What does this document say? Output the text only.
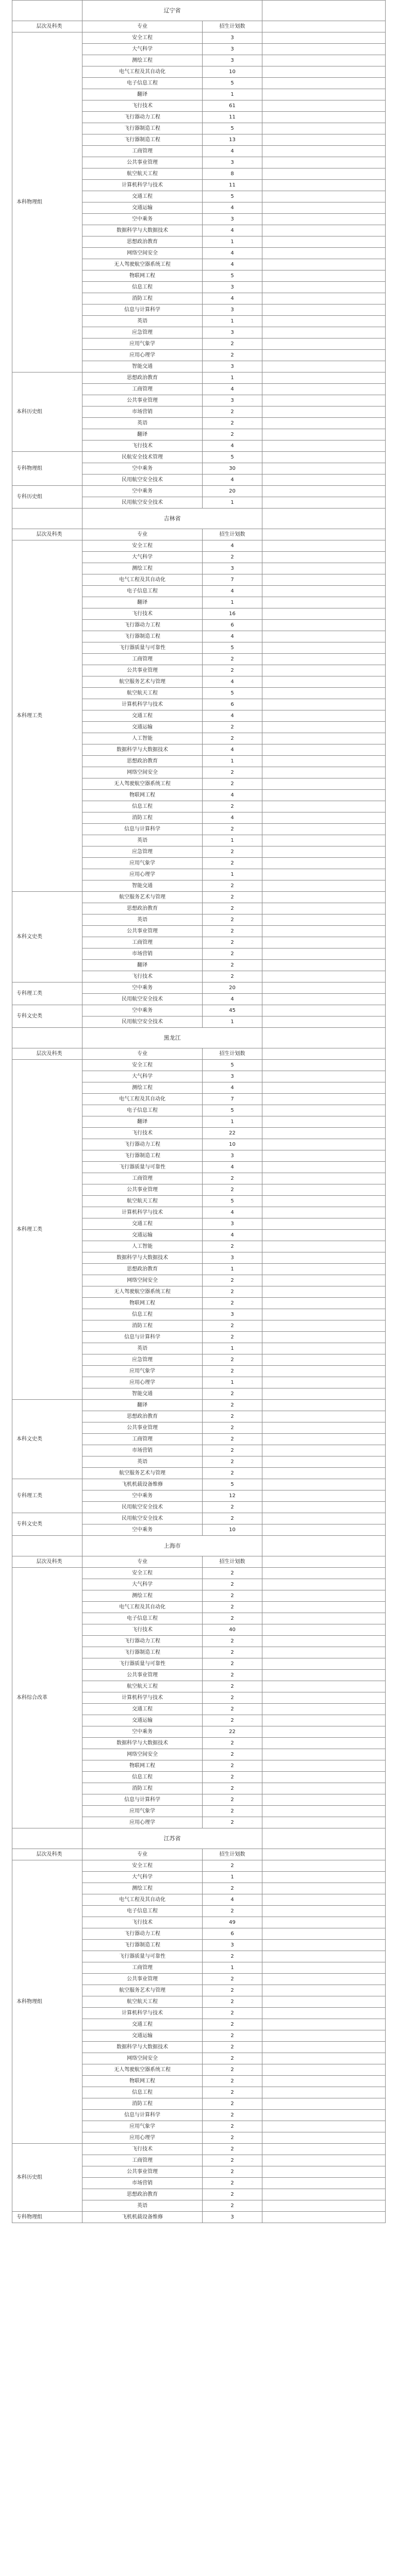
	辽宁省		
层次及科类	专业	招生计划数	
本科物理组	安全工程	3	
	大气科学	3	
	测绘工程	3	
	电气工程及其自动化	10	
	电子信息工程	5	
	翻译	1	
	飞行技术	61	
	飞行器动力工程	11	
	飞行器制造工程	5	
	飞行器制造工程	13	
	工商管理	4	
	公共事业管理	3	
	航空航天工程	8	
	计算机科学与技术	11	
	交通工程	5	
	交通运输	4	
	空中乘务	3	
	数据科学与大数据技术	4	
	思想政治教育	1	
	网络空间安全	4	
	无人驾驶航空器系统工程	4	
	物联网工程	5	
	信息工程	3	
	消防工程	4	
	信息与计算科学	3	
	英语	1	
	应急管理	3	
	应用气象学	2	
	应用心理学	2	
	智能交通	3	
本科历史组	思想政治教育	1	
	工商管理	4	
	公共事业管理	3	
	市场营销	2	
	英语	2	
	翻译	2	
	飞行技术	4	
专科物理组	民航安全技术管理	5	
	空中乘务	30	
	民用航空安全技术	4	
专科历史组	空中乘务	20	
	民用航空安全技术	1	
	吉林省		
层次及科类	专业	招生计划数	
本科理工类	安全工程	4	
	大气科学	2	
	测绘工程	3	
	电气工程及其自动化	7	
	电子信息工程	4	
	翻译	1	
	飞行技术	16	
	飞行器动力工程	6	
	飞行器制造工程	4	
	飞行器质量与可靠性	5	
	工商管理	2	
	公共事业管理	2	
	航空服务艺术与管理	4	
	航空航天工程	5	
	计算机科学与技术	6	
	交通工程	4	
	交通运输	2	
	人工智能	2	
	数据科学与大数据技术	4	
	思想政治教育	1	
	网络空间安全	2	
	无人驾驶航空器系统工程	2	
	物联网工程	4	
	信息工程	2	
	消防工程	4	
	信息与计算科学	2	
	英语	1	
	应急管理	2	
	应用气象学	2	
	应用心理学	1	
	智能交通	2	
本科文史类	航空服务艺术与管理	2	
	思想政治教育	2	
	英语	2	
	公共事业管理	2	
	工商管理	2	
	市场营销	2	
	翻译	2	
	飞行技术	2	
专科理工类	空中乘务	20	
	民用航空安全技术	4	
专科文史类	空中乘务	45	
	民用航空安全技术	1	
	黑龙江		
层次及科类	专业	招生计划数	
本科理工类	安全工程	5	
	大气科学	3	
	测绘工程	4	
	电气工程及其自动化	7	
	电子信息工程	5	
	翻译	1	
	飞行技术	22	
	飞行器动力工程	10	
	飞行器制造工程	3	
	飞行器质量与可靠性	4	
	工商管理	2	
	公共事业管理	2	
	航空航天工程	5	
	计算机科学与技术	4	
	交通工程	3	
	交通运输	4	
	人工智能	2	
	数据科学与大数据技术	3	
	思想政治教育	1	
	网络空间安全	2	
	无人驾驶航空器系统工程	2	
	物联网工程	2	
	信息工程	3	
	消防工程	2	
	信息与计算科学	2	
	英语	1	
	应急管理	2	
	应用气象学	2	
	应用心理学	1	
	智能交通	2	
本科文史类	翻译	2	
	思想政治教育	2	
	公共事业管理	2	
	工商管理	2	
	市场营销	2	
	英语	2	
	航空服务艺术与管理	2	
专科理工类	飞机机载设备维修	5	
	空中乘务	12	
	民用航空安全技术	2	
专科文史类	民用航空安全技术	2	
	空中乘务	10	
	上海市		
层次及科类	专业	招生计划数	
本科综合改革	安全工程	2	
	大气科学	2	
	测绘工程	2	
	电气工程及其自动化	2	
	电子信息工程	2	
	飞行技术	40	
	飞行器动力工程	2	
	飞行器制造工程	2	
	飞行器质量与可靠性	2	
	公共事业管理	2	
	航空航天工程	2	
	计算机科学与技术	2	
	交通工程	2	
	交通运输	2	
	空中乘务	22	
	数据科学与大数据技术	2	
	网络空间安全	2	
	物联网工程	2	
	信息工程	2	
	消防工程	2	
	信息与计算科学	2	
	应用气象学	2	
	应用心理学	2	
	江苏省		
层次及科类	专业	招生计划数	
本科物理组	安全工程	2	
	大气科学	1	
	测绘工程	2	
	电气工程及其自动化	4	
	电子信息工程	2	
	飞行技术	49	
	飞行器动力工程	6	
	飞行器制造工程	3	
	飞行器质量与可靠性	2	
	工商管理	1	
	公共事业管理	2	
	航空服务艺术与管理	2	
	航空航天工程	2	
	计算机科学与技术	2	
	交通工程	2	
	交通运输	2	
	数据科学与大数据技术	2	
	网络空间安全	2	
	无人驾驶航空器系统工程	2	
	物联网工程	2	
	信息工程	2	
	消防工程	2	
	信息与计算科学	2	
	应用气象学	2	
	应用心理学	2	
本科历史组	飞行技术	2	
	工商管理	2	
	公共事业管理	2	
	市场营销	2	
	思想政治教育	2	
	英语	2	
专科物理组	飞机机载设备维修	3	
